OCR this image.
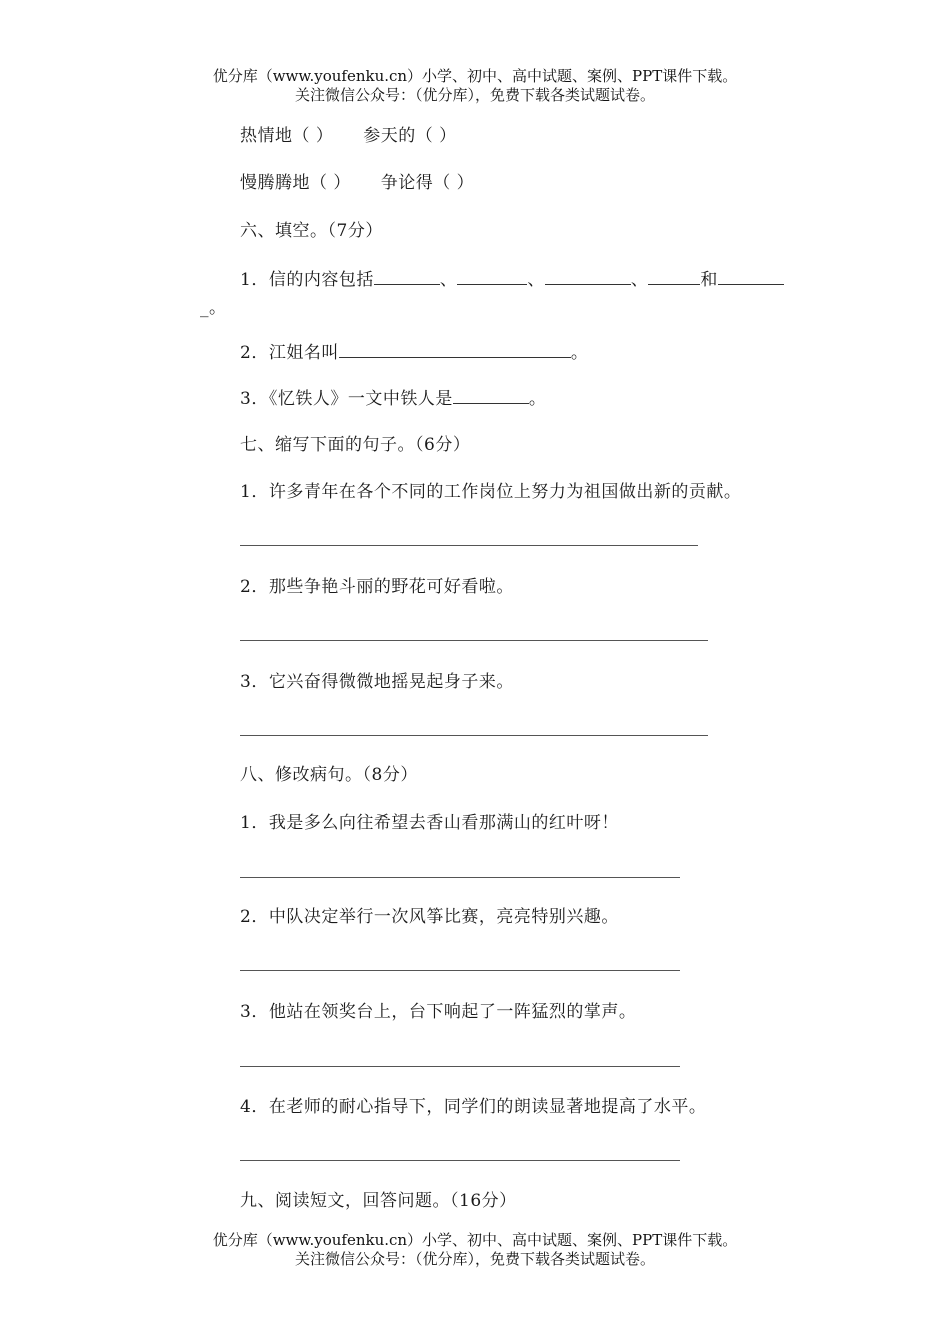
优分库（www.youfenku.cn）小学、初中、高中试题、案例、PPT课件下载。
关注微信公众号：（优分库），免费下载各类试题试卷。
热情地（ ） 参天的（ ）
慢腾腾地（ ） 争论得（ ）
六、填空。（7分）
1．信的内容包括	、	、	、	和
_。
2．江姐名叫	。
3．《忆铁人》一文中铁人是	。
七、缩写下面的句子。（6分）
1．许多青年在各个不同的工作岗位上努力为祖国做出新的贡献。
2．那些争艳斗丽的野花可好看啦。
3．它兴奋得微微地摇晃起身子来。
八、修改病句。（8分）
1．我是多么向往希望去香山看那满山的红叶呀！
2．中队决定举行一次风筝比赛，亮亮特别兴趣。
3．他站在领奖台上，台下响起了一阵猛烈的掌声。
4．在老师的耐心指导下，同学们的朗读显著地提高了水平。
九、阅读短文，回答问题。（16分）
优分库（www.youfenku.cn）小学、初中、高中试题、案例、PPT课件下载。
关注微信公众号：（优分库），免费下载各类试题试卷。
